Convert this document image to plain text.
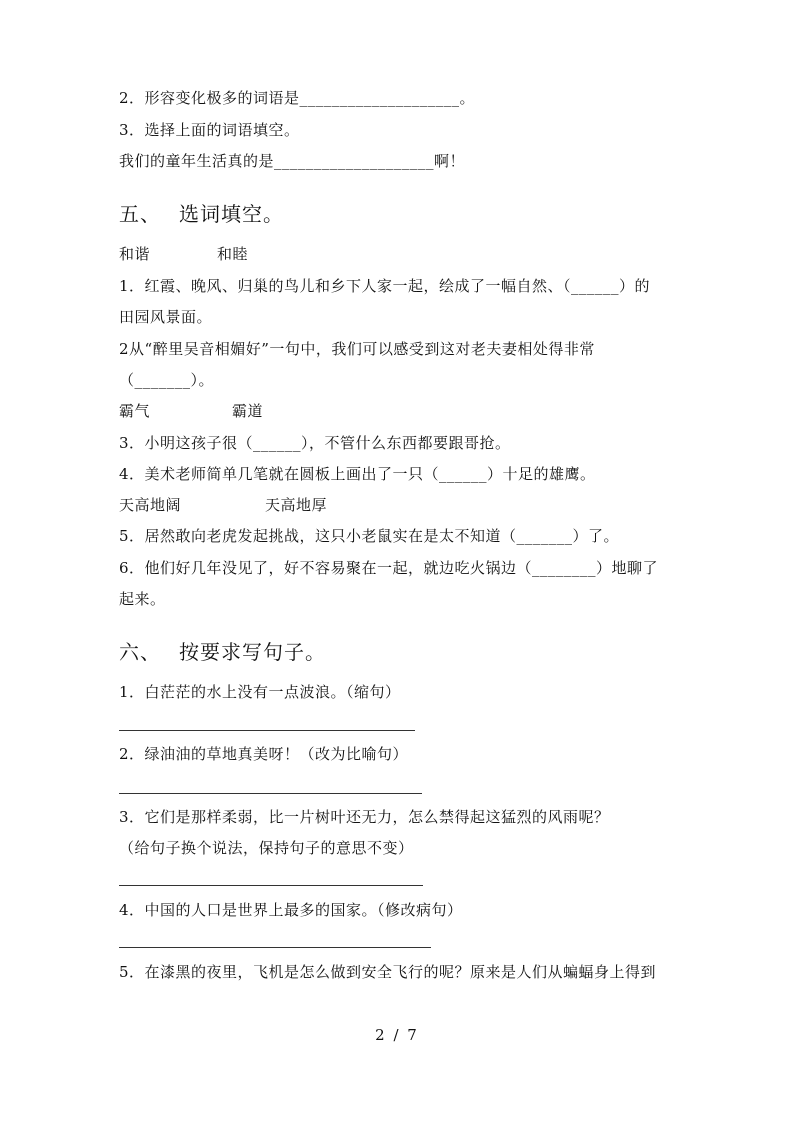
2．形容变化极多的词语是____________________。
3．选择上面的词语填空。
我们的童年生活真的是____________________啊！
五、 选词填空。
和谐	和睦
1．红霞、晚风、归巢的鸟儿和乡下人家一起，绘成了一幅自然、（______）的
田园风景面。
2从“醉里吴音相媚好”一句中，我们可以感受到这对老夫妻相处得非常
（_______）。
霸气	霸道
3．小明这孩子很（______），不管什么东西都要跟哥抢。
4．美术老师简单几笔就在圆板上画出了一只（______）十足的雄鹰。
天高地阔	天高地厚
5．居然敢向老虎发起挑战，这只小老鼠实在是太不知道（_______）了。
6．他们好几年没见了，好不容易聚在一起，就边吃火锅边（________）地聊了
起来。
六、 按要求写句子。
1．白茫茫的水上没有一点波浪。（缩句）
2．绿油油的草地真美呀！（改为比喻句）
3．它们是那样柔弱，比一片树叶还无力，怎么禁得起这猛烈的风雨呢？
（给句子换个说法，保持句子的意思不变）
4．中国的人口是世界上最多的国家。（修改病句）
5．在漆黑的夜里，飞机是怎么做到安全飞行的呢？原来是人们从蝙蝠身上得到
2 / 7
